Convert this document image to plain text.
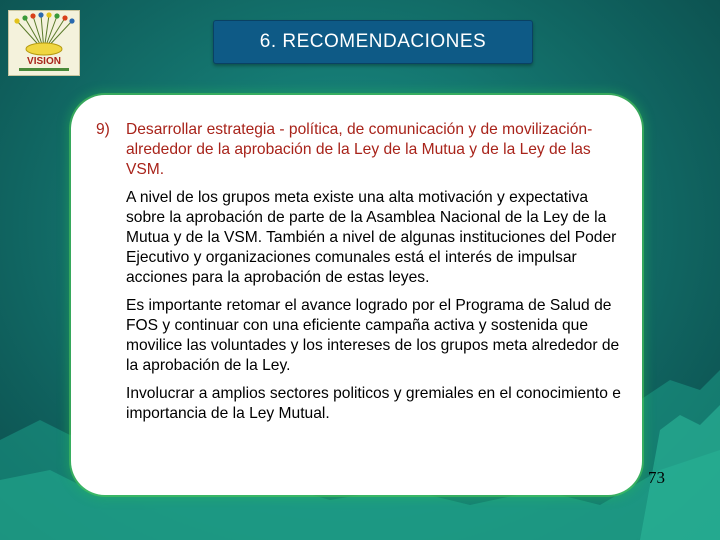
VISION
6. RECOMENDACIONES
9)	Desarrollar estrategia - política, de comunicación y de movilización- alrededor de la aprobación de la Ley de la Mutua y de la Ley de las VSM.

A nivel de los grupos meta existe una alta motivación y expectativa sobre la aprobación de parte de la Asamblea Nacional de la Ley de la Mutua y de la VSM. También a nivel de algunas instituciones del Poder Ejecutivo y organizaciones comunales está el interés de impulsar acciones para la aprobación de estas leyes.

Es importante retomar el avance logrado por el Programa de Salud de FOS y continuar con una eficiente campaña activa y sostenida que movilice las voluntades y los intereses de los grupos meta alrededor de la aprobación de la Ley.

Involucrar a amplios sectores politicos y gremiales en el conocimiento e importancia de la Ley Mutual.

73
